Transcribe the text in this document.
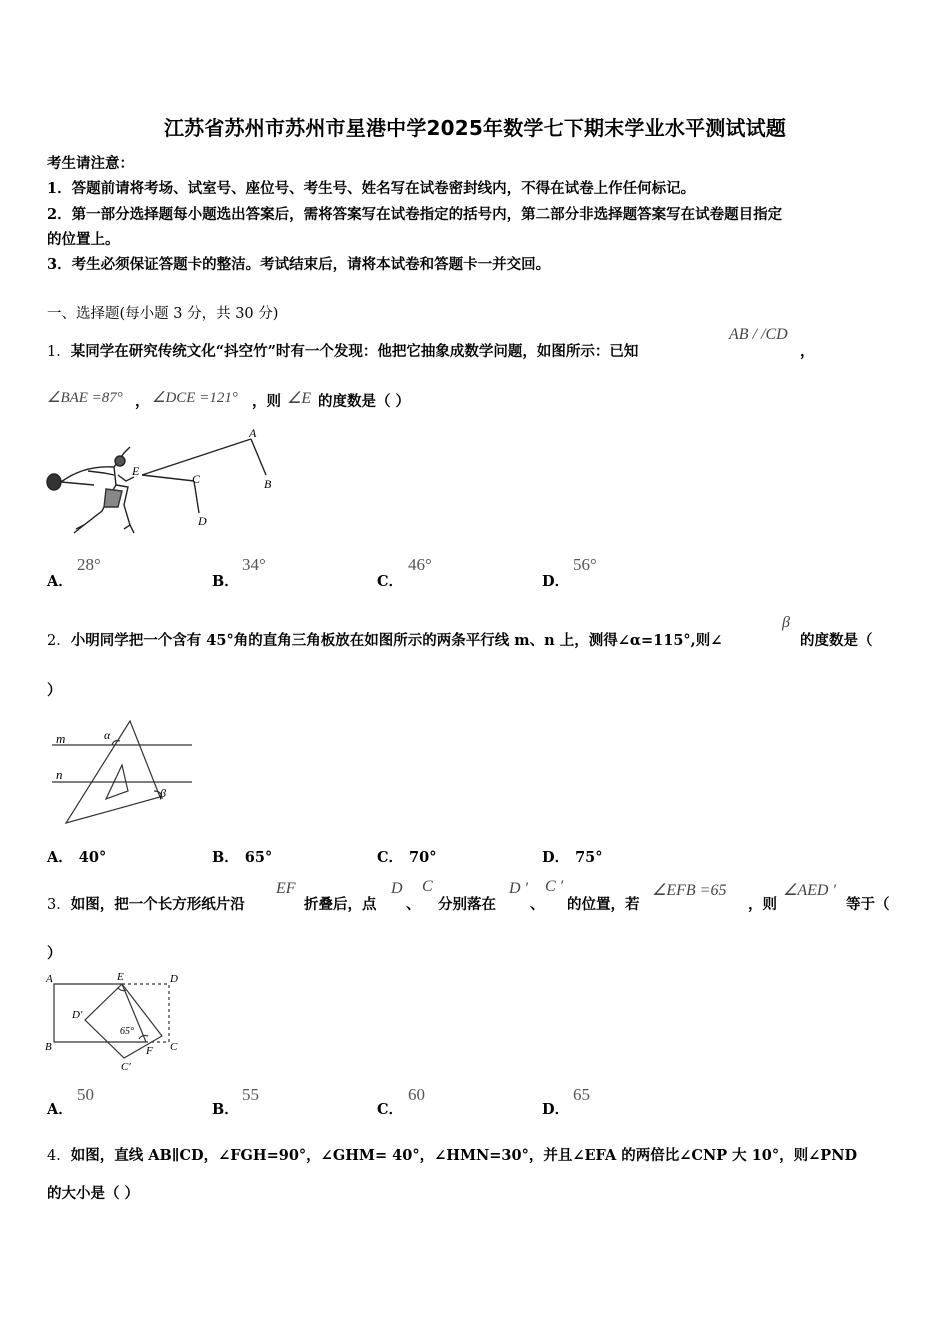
江苏省苏州市苏州市星港中学2025年数学七下期末学业水平测试试题
考生请注意：
1．答题前请将考场、试室号、座位号、考生号、姓名写在试卷密封线内，不得在试卷上作任何标记。
2．第一部分选择题每小题选出答案后，需将答案写在试卷指定的括号内，第二部分非选择题答案写在试卷题目指定
的位置上。
3．考生必须保证答题卡的整洁。考试结束后，请将本试卷和答题卡一并交回。
一、选择题(每小题 3 分，共 30 分)
1．某同学在研究传统文化“抖空竹”时有一个发现：他把它抽象成数学问题，如图所示：已知
AB / /CD
，
∠BAE =87° ， ∠DCE =121° ，则 ∠E 的度数是（ ）
A
B
C
D
E
A．
28°
B．
34°
C．
46°
D．
56°
2．小明同学把一个含有 45°角的直角三角板放在如图所示的两条平行线 m、n 上，测得∠α=115°,则∠
β
的度数是（
）
m
n
α
β
A． 40°	B． 65°	C． 70°	D． 75°
3．如图，把一个长方形纸片沿
EF
折叠后，点
D
、
C
分别落在
D ′
、
C ′
的位置，若
∠EFB =65
，则
∠AED ′
等于（
）
A	E	D
D′
65°
B	F C
C′
A．
50
B．
55
C．
60
D．
65
4．如图，直线 AB∥CD，∠FGH=90°，∠GHM= 40°，∠HMN=30°，并且∠EFA 的两倍比∠CNP 大 10°，则∠PND
的大小是（ ）
